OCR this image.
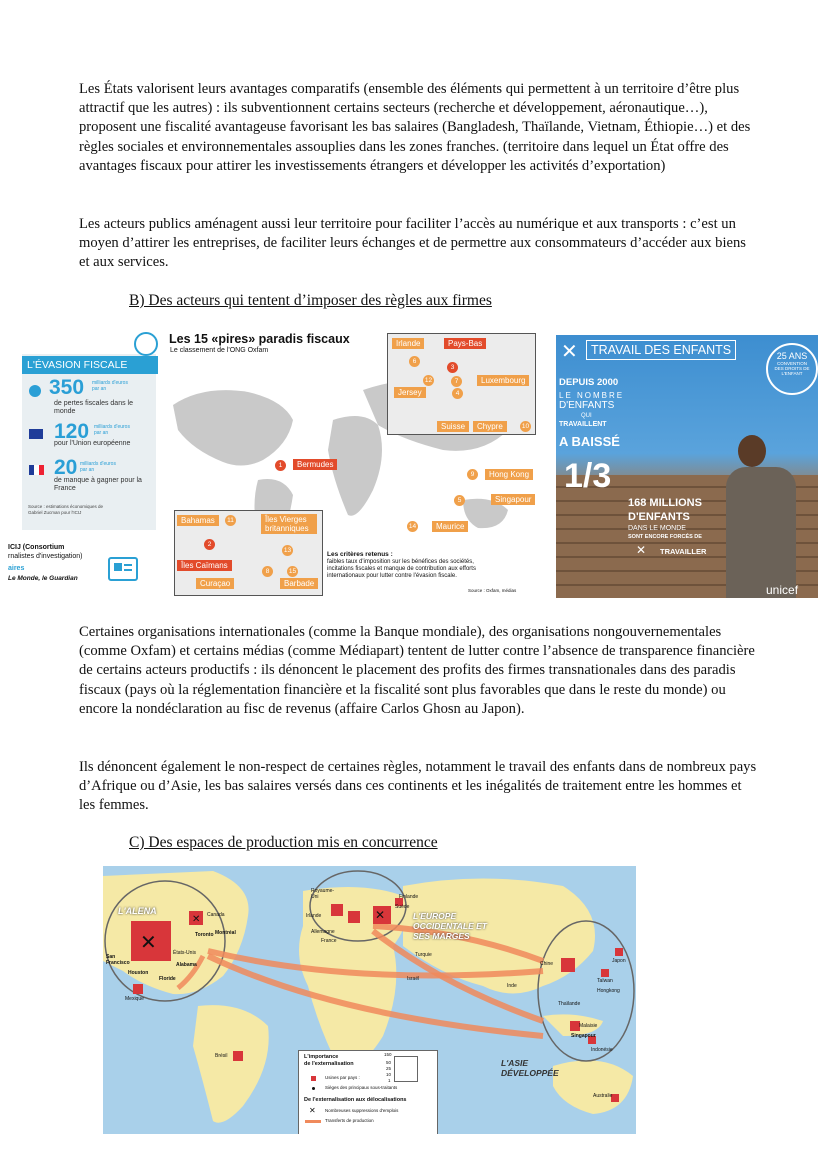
Les États valorisent leurs avantages comparatifs (ensemble des éléments qui permettent à un territoire d’être plus attractif que les autres) : ils subventionnent certains secteurs (recherche et développement, aéronautique…), proposent une fiscalité avantageuse favorisant les bas salaires (Bangladesh, Thaïlande, Vietnam, Éthiopie…) et des règles sociales et environnementales assouplies dans les zones franches. (territoire dans lequel un État offre des avantages fiscaux pour attirer les investissements étrangers et développer les activités d’exportation)

Les acteurs publics aménagent aussi leur territoire pour faciliter l’accès au numérique et aux transports : c’est un moyen d’attirer les entreprises, de faciliter leurs échanges et de permettre aux consommateurs d’accéder aux biens et aux services.

B) Des acteurs qui tentent d’imposer des règles aux firmes

L'ÉVASION FISCALE
350 milliards d'euros par an
de pertes fiscales dans le monde
120 milliards d'euros par an
pour l'Union européenne
20 milliards d'euros par an
de manque à gagner pour la France
Source : estimations économiques de Gabriel Zucman pour l'ICIJ
ICIJ (Consortium
rnalistes d'investigation)
aires
Le Monde, le Guardian
Les 15 «pires» paradis fiscaux
Le classement de l'ONG Oxfam
Irlande	Pays-Bas
Jersey
Luxembourg
Suisse	Chypre
6
3
7
12
4
10
1	Bermudes
9	Hong Kong
5	Singapour
14	Maurice
Bahamas	11	Îles Vierges britanniques
2
13
Îles Caïmans
8
Curaçao
15
Barbade
Les critères retenus :
faibles taux d'imposition sur les bénéfices des sociétés, incitations fiscales et manque de contribution aux efforts internationaux pour lutter contre l'évasion fiscale.
Source : Oxfam, médias
✕	TRAVAIL DES ENFANTS	25 ANS
CONVENTION DES DROITS DE L'ENFANT
DEPUIS 2000
LE NOMBRE
D'ENFANTS
QUI
TRAVAILLENT
A BAISSÉ
1/3
168 MILLIONS
D'ENFANTS
DANS LE MONDE
SONT ENCORE FORCÉS DE
✕ TRAVAILLER
unicef

Certaines organisations internationales (comme la Banque mondiale), des organisations nongouvernementales (comme Oxfam) et certains médias (comme Médiapart) tentent de lutter contre l’absence de transparence financière de certains acteurs productifs : ils dénoncent le placement des profits des firmes transnationales dans des paradis fiscaux (pays où la réglementation financière et la fiscalité sont plus favorables que dans le reste du monde) ou encore la nondéclaration au fisc de revenus (affaire Carlos Ghosn au Japon).

Ils dénoncent également le non-respect de certaines règles, notamment le travail des enfants dans de nombreux pays d’Afrique ou d’Asie, les bas salaires versés dans ces continents et les inégalités de traitement entre les hommes et les femmes.

C) Des espaces de production mis en concurrence

✕
✕	✕
L'ALENA	L'EUROPE OCCIDENTALE ET SES MARGES
L'ASIE DÉVELOPPÉE
Canada
Toronto Montréal
États-Unis
San Francisco	Alabama
Houston
Floride
Mexique
Brésil
Royaume-Uni
Irlande
Finlande
Suède
Allemagne
France
Turquie
Israël
Inde
Chine	Japon
Taïwan
Hongkong
Thaïlande
Malaisie
Singapour
Indonésie
Australie
L'importance
de l'externalisation
150
50
25
10
1
Usines par pays :
Sièges des principaux sous-traitants
De l'externalisation aux délocalisations
✕ Nombreuses suppressions d'emplois
Transferts de production
